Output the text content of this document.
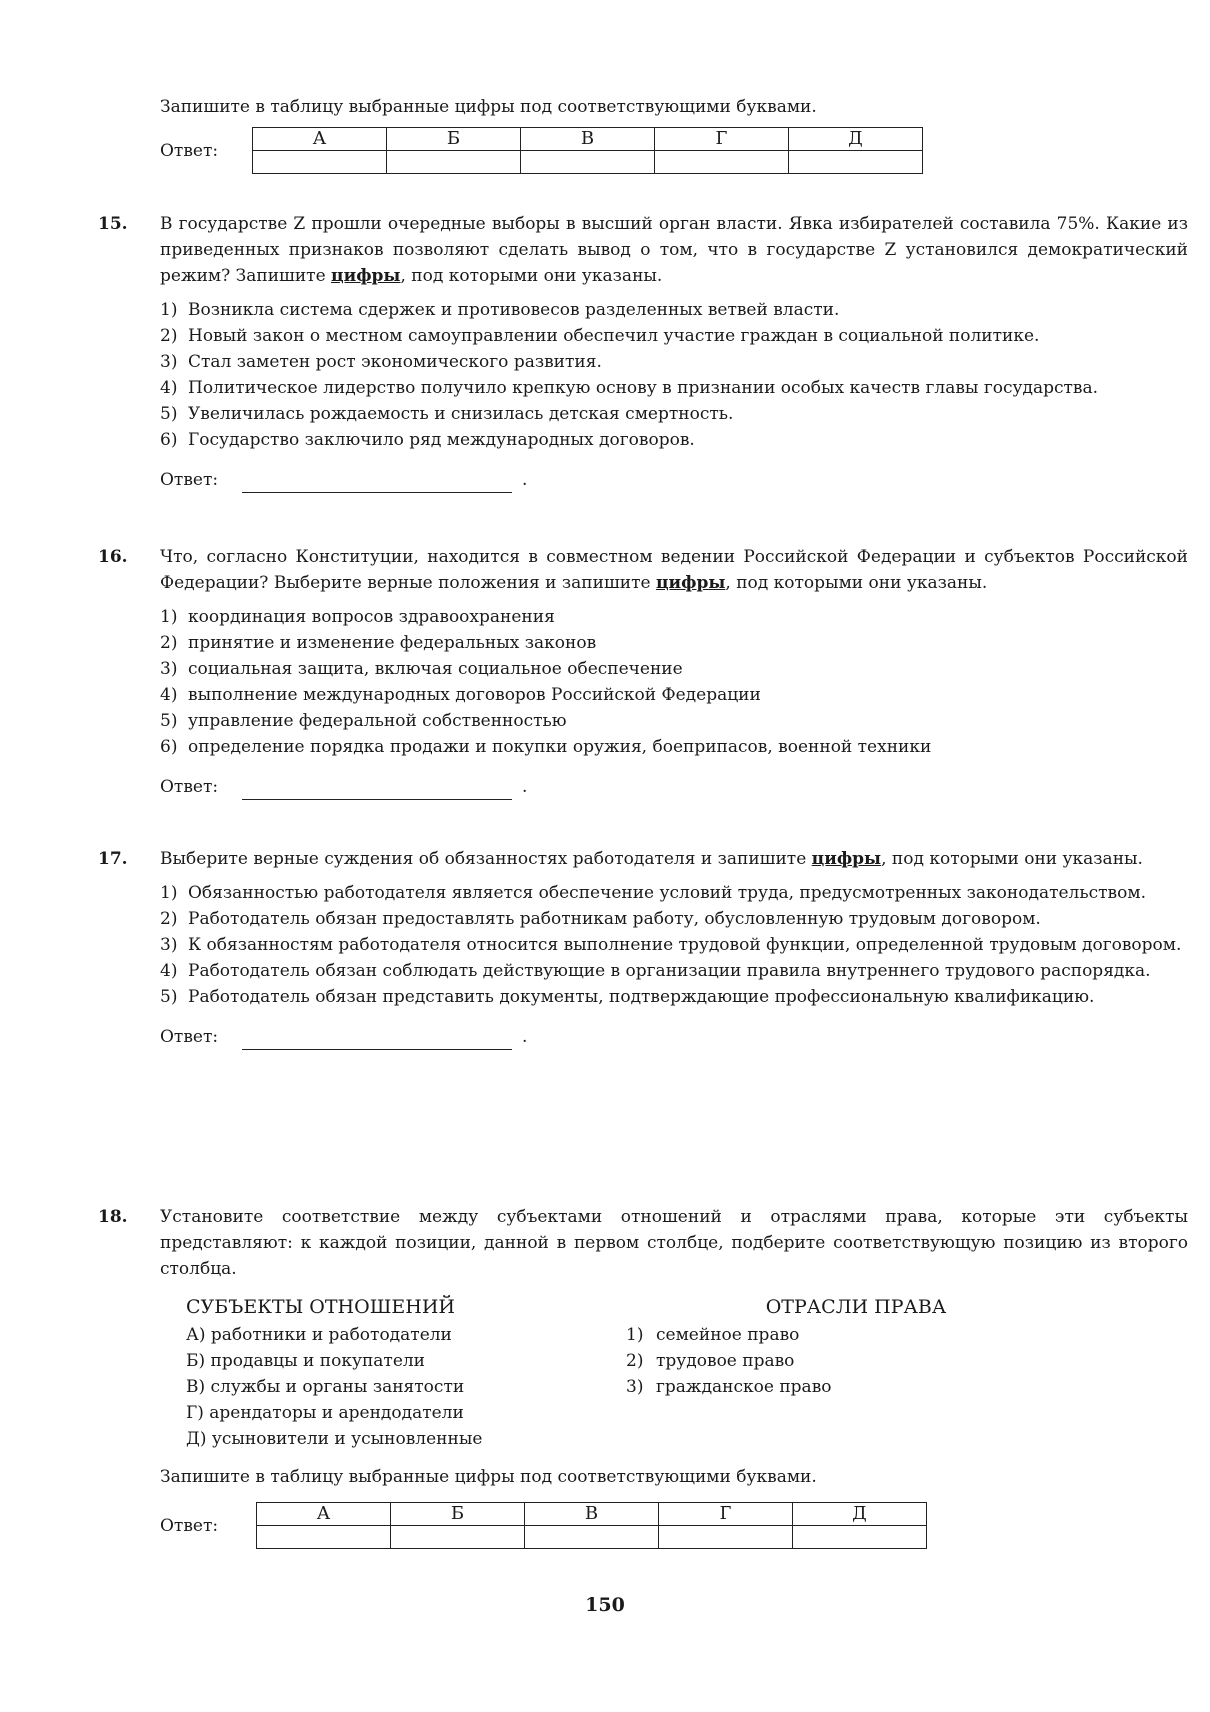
Запишите в таблицу выбранные цифры под соответствующими буквами.
Ответ:
А	Б	В	Г	Д

15. В государстве Z прошли очередные выборы в высший орган власти. Явка избирателей составила 75%. Какие из приведенных признаков позволяют сделать вывод о том, что в государстве Z установился демократический режим? Запишите цифры, под которыми они указаны.

1) Возникла система сдержек и противовесов разделенных ветвей власти.
2) Новый закон о местном самоуправлении обеспечил участие граждан в социальной политике.
3) Стал заметен рост экономического развития.
4) Политическое лидерство получило крепкую основу в признании особых качеств главы государства.
5) Увеличилась рождаемость и снизилась детская смертность.
6) Государство заключило ряд международных договоров.
Ответ:	.
16. Что, согласно Конституции, находится в совместном ведении Российской Федерации и субъектов Российской Федерации? Выберите верные положения и запишите цифры, под которыми они указаны.

1) координация вопросов здравоохранения
2) принятие и изменение федеральных законов
3) социальная защита, включая социальное обеспечение
4) выполнение международных договоров Российской Федерации
5) управление федеральной собственностью
6) определение порядка продажи и покупки оружия, боеприпасов, военной техники
Ответ:	.
17. Выберите верные суждения об обязанностях работодателя и запишите цифры, под которыми они указаны.

1) Обязанностью работодателя является обеспечение условий труда, предусмотренных законодательством.
2) Работодатель обязан предоставлять работникам работу, обусловленную трудовым договором.
3) К обязанностям работодателя относится выполнение трудовой функции, определенной трудовым договором.
4) Работодатель обязан соблюдать действующие в организации правила внутреннего трудового распорядка.
5) Работодатель обязан представить документы, подтверждающие профессиональную квалификацию.
Ответ:	.
18. Установите соответствие между субъектами отношений и отраслями права, которые эти субъекты представляют: к каждой позиции, данной в первом столбце, подберите соответствующую позицию из второго столбца.

СУБЪЕКТЫ ОТНОШЕНИЙ
А) работники и работодатели
Б) продавцы и покупатели
В) службы и органы занятости
Г) арендаторы и арендодатели
Д) усыновители и усыновленные
ОТРАСЛИ ПРАВА
1) семейное право
2) трудовое право
3) гражданское право

Запишите в таблицу выбранные цифры под соответствующими буквами.

Ответ:
А	Б	В	Г	Д

150
